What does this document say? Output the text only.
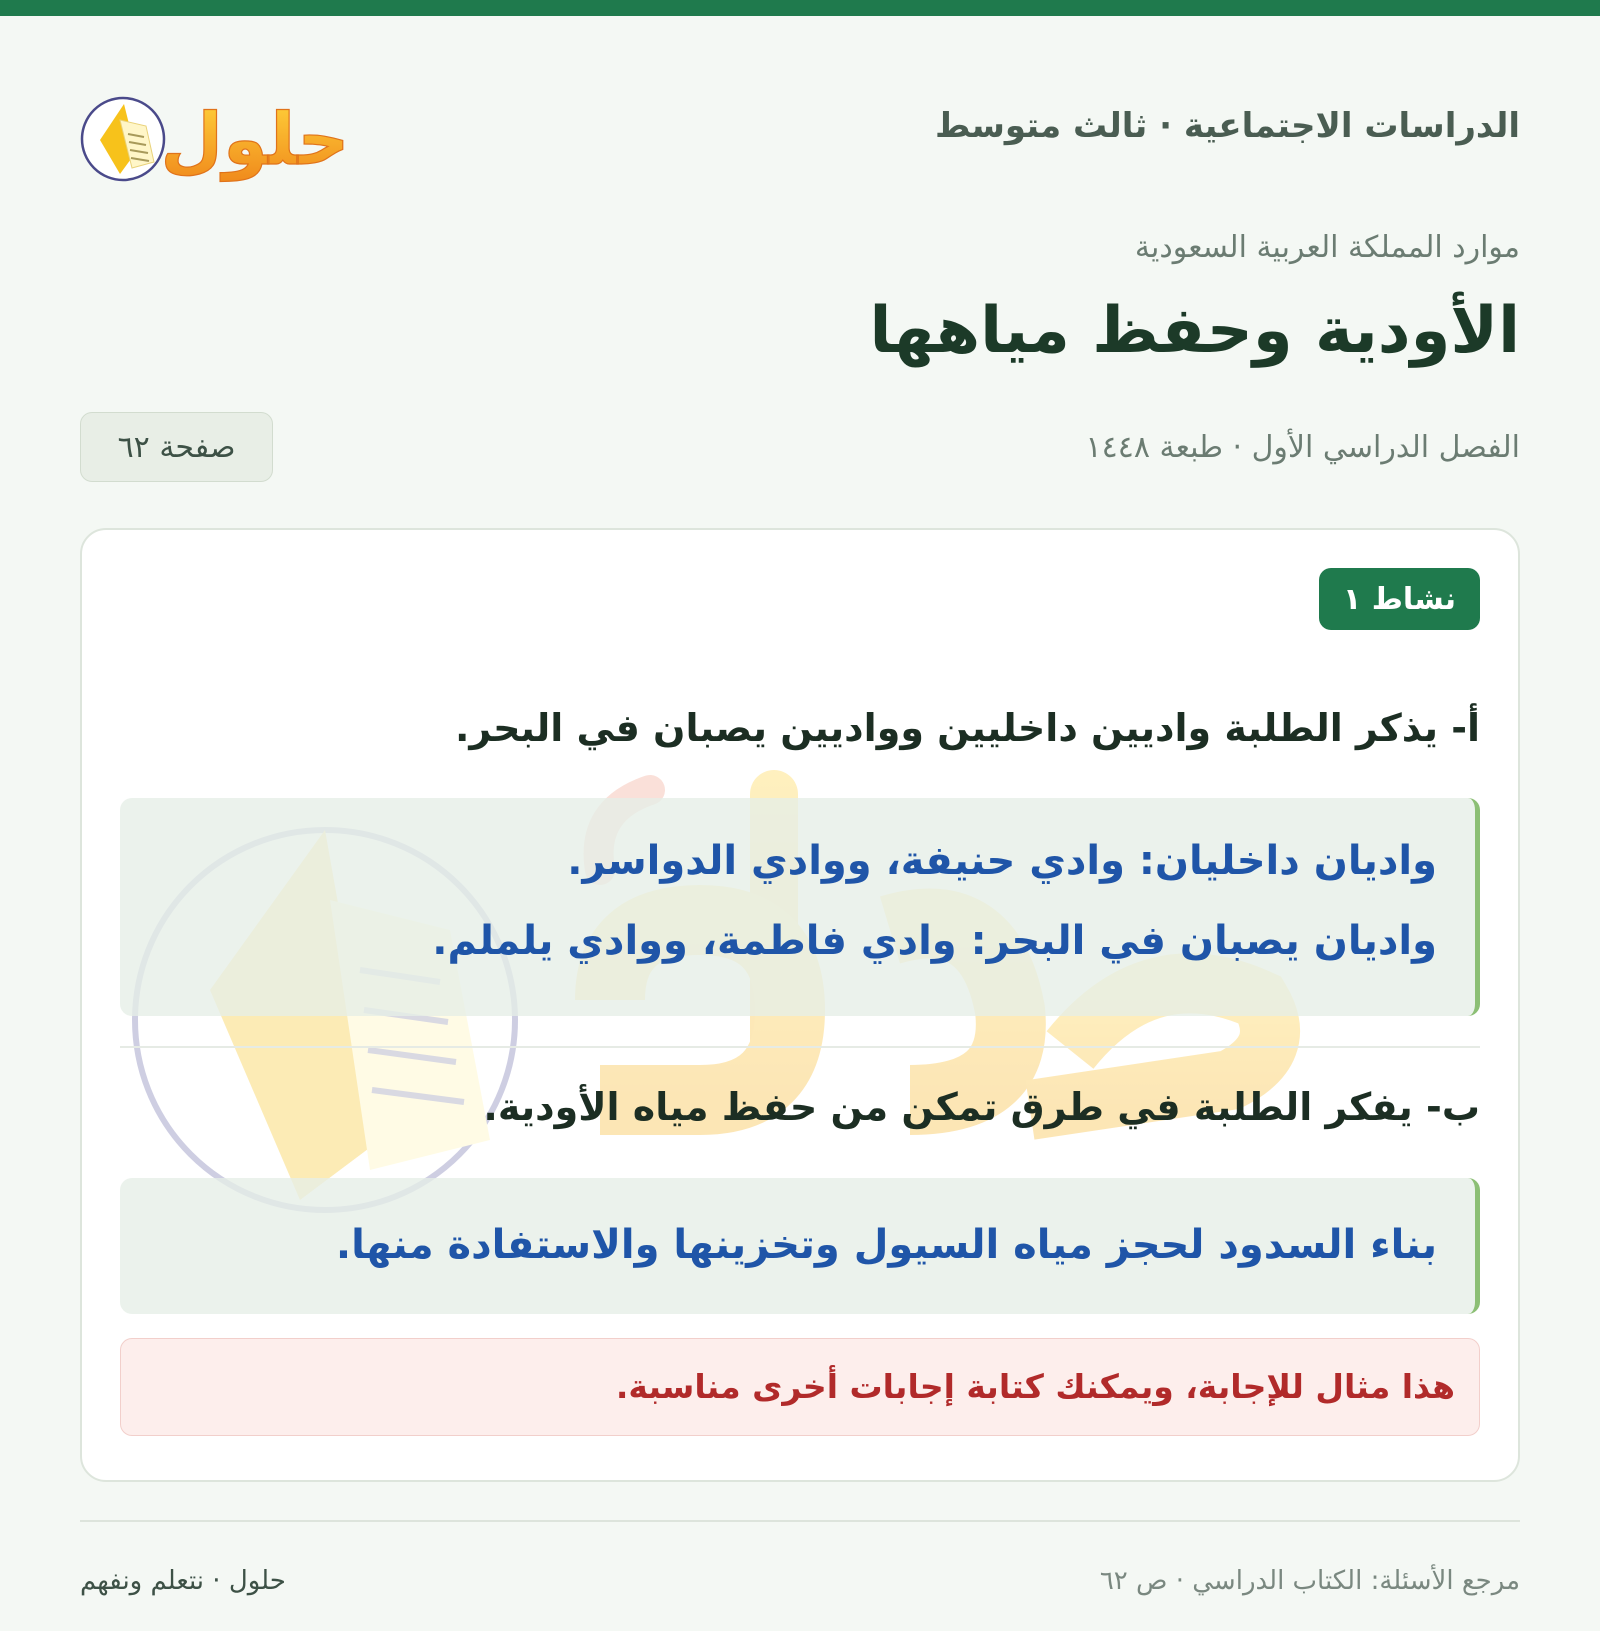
الدراسات الاجتماعية · ثالث متوسط
حلول
موارد المملكة العربية السعودية
الأودية وحفظ مياهها
الفصل الدراسي الأول · طبعة ١٤٤٨
صفحة ٦٢
نشاط ١
أ- يذكر الطلبة واديين داخليين وواديين يصبان في البحر.
واديان داخليان: وادي حنيفة، ووادي الدواسر.
واديان يصبان في البحر: وادي فاطمة، ووادي يلملم.
ب- يفكر الطلبة في طرق تمكن من حفظ مياه الأودية.
بناء السدود لحجز مياه السيول وتخزينها والاستفادة منها.
هذا مثال للإجابة، ويمكنك كتابة إجابات أخرى مناسبة.
مرجع الأسئلة: الكتاب الدراسي · ص ٦٢
حلول · نتعلم ونفهم
